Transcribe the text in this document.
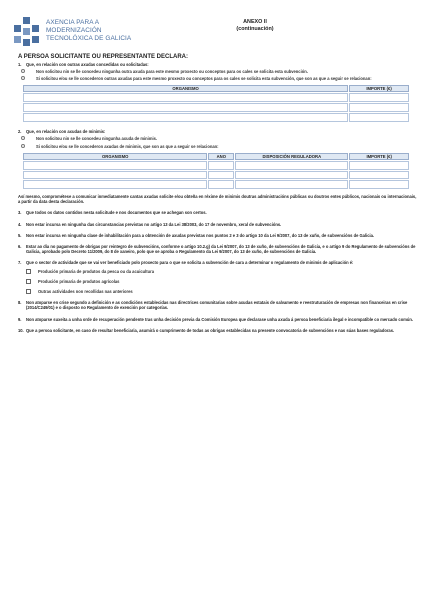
AXENCIA PARA A
MODERNIZACIÓN
TECNOLÓXICA DE GALICIA
ANEXO II
(continuación)
A PERSOA SOLICITANTE OU REPRESENTANTE DECLARA:
1. Que, en relación con outras axudas concedidas ou solicitadas:
Non solicitou nin se lle concedeu ningunha outra axuda para este mesmo proxecto ou conceptos para os cales se solicita esta subvención.
Si solicitou e/ou se lle concederon outras axudas para este mesmo proxecto ou conceptos para os cales se solicita esta subvención, que son as que a seguir se relacionan:
ORGANISMO	IMPORTE (€)

2. Que, en relación con axudas de minimis:
Non solicitou nin se lle concedeu ningunha axuda de minimis.
Si solicitou e/ou se lle concederon axudas de minimis, que son as que a seguir se relacionan:
ORGANISMO	ANO	DISPOSICIÓN REGULADORA	IMPORTE (€)

Así mesmo, comprométese a comunicar inmediatamente cantas axudas solicite e/ou obteña en réxime de minimis doutras administracións públicas ou doutros entes públicos, nacionais ou internacionais, a partir da data desta declaración.
3. Que todos os datos contidos nesta solicitude e nos documentos que se achegan son certos.
4. Non estar incursa en ningunha das circunstancias previstas no artigo 13 da Lei 38/2003, do 17 de novembro, xeral de subvencións.
5. Non estar incursa en ningunha clase de inhabilitación para a obtención de axudas previstas nos puntos 2 e 3 do artigo 10 da Lei 9/2007, do 13 de xuño, de subvencións de Galicia.
6. Estar ao día no pagamento de obrigas por reintegro de subvencións, conforme o artigo 10.2.g) da Lei 9/2007, do 13 de xuño, de subvencións de Galicia, e o artigo 9 do Regulamento de subvencións de Galicia, aprobado polo Decreto 11/2009, do 8 de xaneiro, polo que se aproba o Regulamento da Lei 9/2007, do 13 de xuño, de subvencións de Galicia.
7. Que o sector de actividade que se vai ver beneficiado polo proxecto para o que se solicita a subvención de cara a determinar o regulamento de minimis de aplicación é:
Produción primaria de produtos da pesca ou da acuicultura
Produción primaria de produtos agrícolas
Outras actividades non recollidas nas anteriores
8. Non atoparse en crise segundo a definición e as condicións establecidas nas directrices comunitarias sobre axudas estatais de salvamento e reestruturación de empresas non financeiras en crise (2014/C249/01) e o disposto no Regulamento de exención por categorías.
9. Non atoparse suxeita a unha orde de recuperación pendente tras unha decisión previa da Comisión Europea que declarase unha axuda á persoa beneficiaria ilegal e incompatible co mercado común.
10. Que a persoa solicitante, en caso de resultar beneficiaria, asumirá o cumprimento de todas as obrigas establecidas na presente convocatoria de subvencións e nas súas bases reguladoras.
